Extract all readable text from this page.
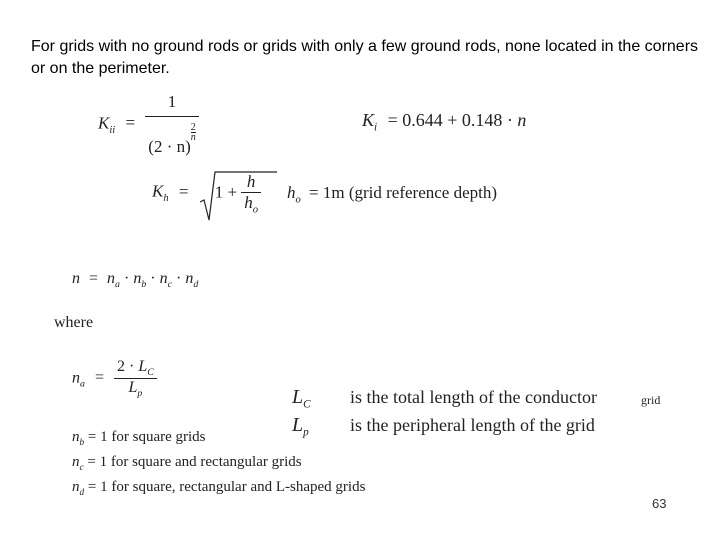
For grids with no ground rods or grids with only a few ground rods, none located in the corners or on the perimeter.
$K_{ii} = 1$
(2 · n)
$^{\frac{2}{n}}$	$K_i = 0.644 + 0.148 \cdot n$
$K_h = 1 + \frac{h}{h_o} h_o = 1m$ (grid reference depth)
$n = n_a \cdot n_b \cdot n_c \cdot n_d$
where
$n_a = \frac{2 \cdot L_C}{L_p}$	$L_C$ is the total length of the conductor	grid
$L_p$ is the peripheral length of the grid
$n_b = 1$ for square grids
$n_c = 1$ for square and rectangular grids
$n_d = 1$ for square, rectangular and L-shaped grids
63
